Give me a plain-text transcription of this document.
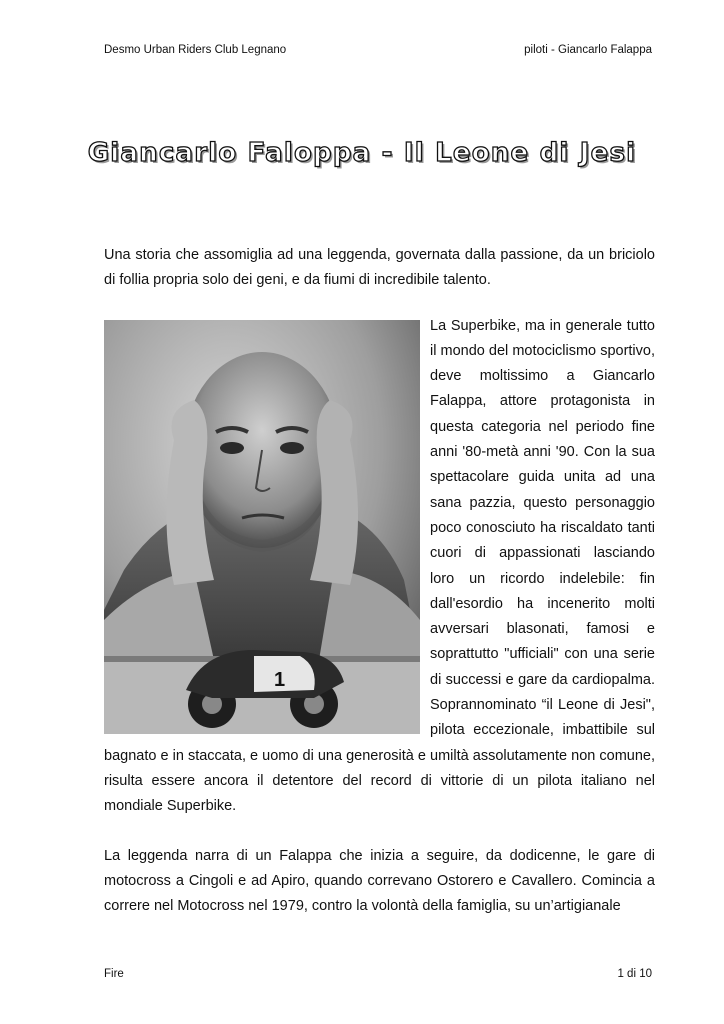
Desmo Urban Riders Club Legnano	piloti - Giancarlo Falappa
Giancarlo Faloppa - Il Leone di Jesi

Una storia che assomiglia ad una leggenda, governata dalla passione, da un briciolo di follia propria solo dei geni, e da fiumi di incredibile talento.

1

La Superbike, ma in generale tutto il mondo del motociclismo sportivo, deve moltissimo a Giancarlo Falappa, attore protagonista in questa categoria nel periodo fine anni '80-metà anni '90. Con la sua spettacolare guida unita ad una sana pazzia, questo personaggio poco conosciuto ha riscaldato tanti cuori di appassionati lasciando loro un ricordo indelebile: fin dall'esordio ha incenerito molti avversari blasonati, famosi e soprattutto "ufficiali" con una serie di successi e gare da cardiopalma. Soprannominato “il Leone di Jesi", pilota eccezionale, imbattibile sul bagnato e in staccata, e uomo di una generosità e umiltà assolutamente non comune, risulta essere ancora il detentore del record di vittorie di un pilota italiano nel mondiale Superbike.

La leggenda narra di un Falappa che inizia a seguire, da dodicenne, le gare di motocross a Cingoli e ad Apiro, quando correvano Ostorero e Cavallero. Comincia a correre nel Motocross nel 1979, contro la volontà della famiglia, su un’artigianale

Fire	1 di 10
